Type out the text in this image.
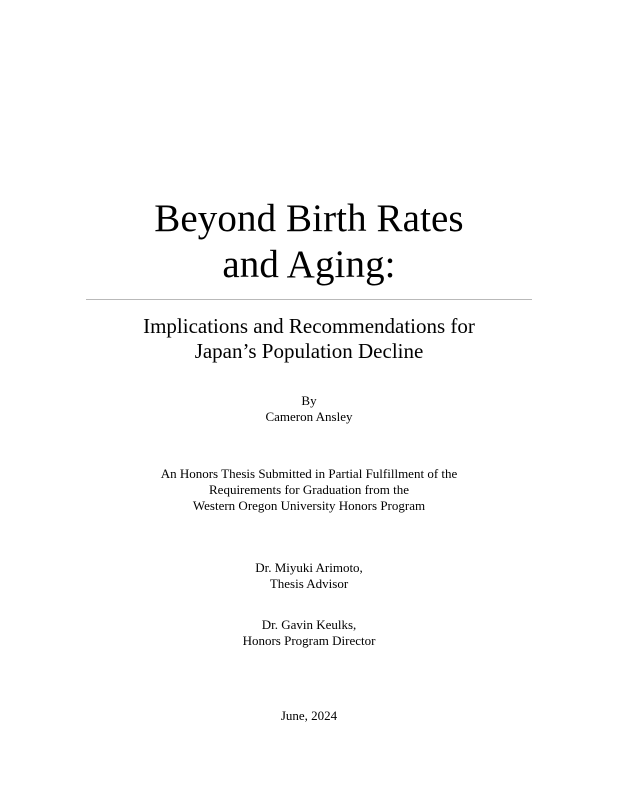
Beyond Birth Rates
and Aging:
Implications and Recommendations for
Japan’s Population Decline
By
Cameron Ansley
An Honors Thesis Submitted in Partial Fulfillment of the
Requirements for Graduation from the
Western Oregon University Honors Program
Dr. Miyuki Arimoto,
Thesis Advisor
Dr. Gavin Keulks,
Honors Program Director
June, 2024
